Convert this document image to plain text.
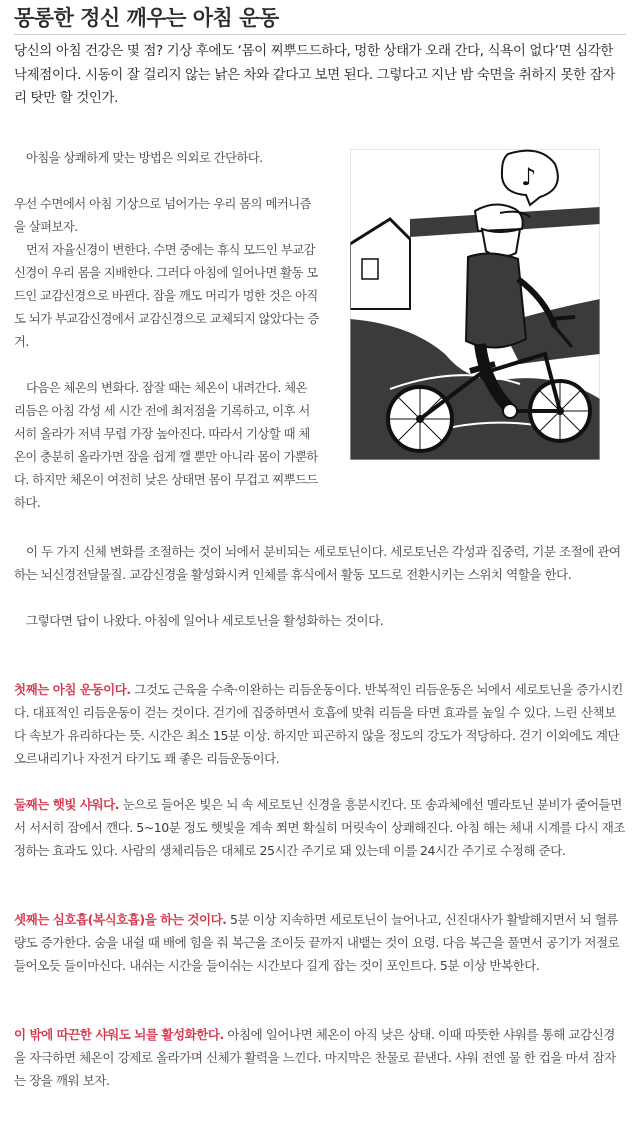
몽롱한 정신 깨우는 아침 운동

당신의 아침 건강은 몇 점? 기상 후에도 ‘몸이 찌뿌드드하다, 멍한 상태가 오래 간다, 식욕이 없다’면 심각한 낙제점이다. 시동이 잘 걸리지 않는 낡은 차와 같다고 보면 된다. 그렇다고 지난 밤 숙면을 취하지 못한 잠자리 탓만 할 것인가.

아침을 상쾌하게 맞는 방법은 의외로 간단하다.

우선 수면에서 아침 기상으로 넘어가는 우리 몸의 메커니즘을 살펴보자.

먼저 자율신경이 변한다. 수면 중에는 휴식 모드인 부교감신경이 우리 몸을 지배한다. 그러다 아침에 일어나면 활동 모드인 교감신경으로 바뀐다. 잠을 깨도 머리가 멍한 것은 아직도 뇌가 부교감신경에서 교감신경으로 교체되지 않았다는 증거.

다음은 체온의 변화다. 잠잘 때는 체온이 내려간다. 체온 리듬은 아침 각성 세 시간 전에 최저점을 기록하고, 이후 서서히 올라가 저녁 무렵 가장 높아진다. 따라서 기상할 때 체온이 충분히 올라가면 잠을 쉽게 깰 뿐만 아니라 몸이 가뿐하다. 하지만 체온이 여전히 낮은 상태면 몸이 무겁고 찌뿌드드하다.

♪

이 두 가지 신체 변화를 조절하는 것이 뇌에서 분비되는 세로토닌이다. 세로토닌은 각성과 집중력, 기분 조절에 관여하는 뇌신경전달물질. 교감신경을 활성화시켜 인체를 휴식에서 활동 모드로 전환시키는 스위치 역할을 한다.

그렇다면 답이 나왔다. 아침에 일어나 세로토닌을 활성화하는 것이다.

첫째는 아침 운동이다. 그것도 근육을 수축·이완하는 리듬운동이다. 반복적인 리듬운동은 뇌에서 세로토닌을 증가시킨다. 대표적인 리듬운동이 걷는 것이다. 걷기에 집중하면서 호흡에 맞춰 리듬을 타면 효과를 높일 수 있다. 느린 산책보다 속보가 유리하다는 뜻. 시간은 최소 15분 이상. 하지만 피곤하지 않을 정도의 강도가 적당하다. 걷기 이외에도 계단 오르내리기나 자전거 타기도 꽤 좋은 리듬운동이다.

둘째는 햇빛 샤워다. 눈으로 들어온 빛은 뇌 속 세로토닌 신경을 흥분시킨다. 또 송과체에선 멜라토닌 분비가 줄어들면서 서서히 잠에서 깬다. 5~10분 정도 햇빛을 계속 쬐면 확실히 머릿속이 상쾌해진다. 아침 해는 체내 시계를 다시 재조정하는 효과도 있다. 사람의 생체리듬은 대체로 25시간 주기로 돼 있는데 이를 24시간 주기로 수정해 준다.

셋째는 심호흡(복식호흡)을 하는 것이다. 5분 이상 지속하면 세로토닌이 늘어나고, 신진대사가 활발해지면서 뇌 혈류량도 증가한다. 숨을 내쉴 때 배에 힘을 줘 복근을 조이듯 끝까지 내뱉는 것이 요령. 다음 복근을 풀면서 공기가 저절로 들어오듯 들이마신다. 내쉬는 시간을 들이쉬는 시간보다 길게 잡는 것이 포인트다. 5분 이상 반복한다.

이 밖에 따끈한 샤워도 뇌를 활성화한다. 아침에 일어나면 체온이 아직 낮은 상태. 이때 따뜻한 샤워를 통해 교감신경을 자극하면 체온이 강제로 올라가며 신체가 활력을 느낀다. 마지막은 찬물로 끝낸다. 샤워 전엔 물 한 컵을 마셔 잠자는 장을 깨워 보자.
